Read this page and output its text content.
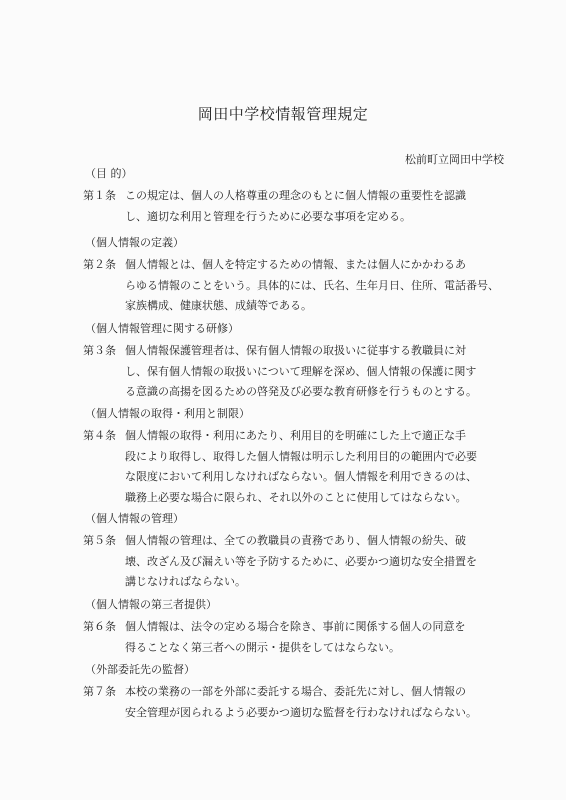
岡田中学校情報管理規定
松前町立岡田中学校
（目 的）
第１条 この規定は、個人の人格尊重の理念のもとに個人情報の重要性を認識
し、適切な利用と管理を行うために必要な事項を定める。
（個人情報の定義）
第２条 個人情報とは、個人を特定するための情報、または個人にかかわるあ
らゆる情報のことをいう。具体的には、氏名、生年月日、住所、電話番号、
家族構成、健康状態、成績等である。
（個人情報管理に関する研修）
第３条 個人情報保護管理者は、保有個人情報の取扱いに従事する教職員に対
し、保有個人情報の取扱いについて理解を深め、個人情報の保護に関す
る意識の高揚を図るための啓発及び必要な教育研修を行うものとする。
（個人情報の取得・利用と制限）
第４条 個人情報の取得・利用にあたり、利用目的を明確にした上で適正な手
段により取得し、取得した個人情報は明示した利用目的の範囲内で必要
な限度において利用しなければならない。個人情報を利用できるのは、
職務上必要な場合に限られ、それ以外のことに使用してはならない。
（個人情報の管理）
第５条 個人情報の管理は、全ての教職員の責務であり、個人情報の紛失、破
壊、改ざん及び漏えい等を予防するために、必要かつ適切な安全措置を
講じなければならない。
（個人情報の第三者提供）
第６条 個人情報は、法令の定める場合を除き、事前に関係する個人の同意を
得ることなく第三者への開示・提供をしてはならない。
（外部委託先の監督）
第７条 本校の業務の一部を外部に委託する場合、委託先に対し、個人情報の
安全管理が図られるよう必要かつ適切な監督を行わなければならない。
